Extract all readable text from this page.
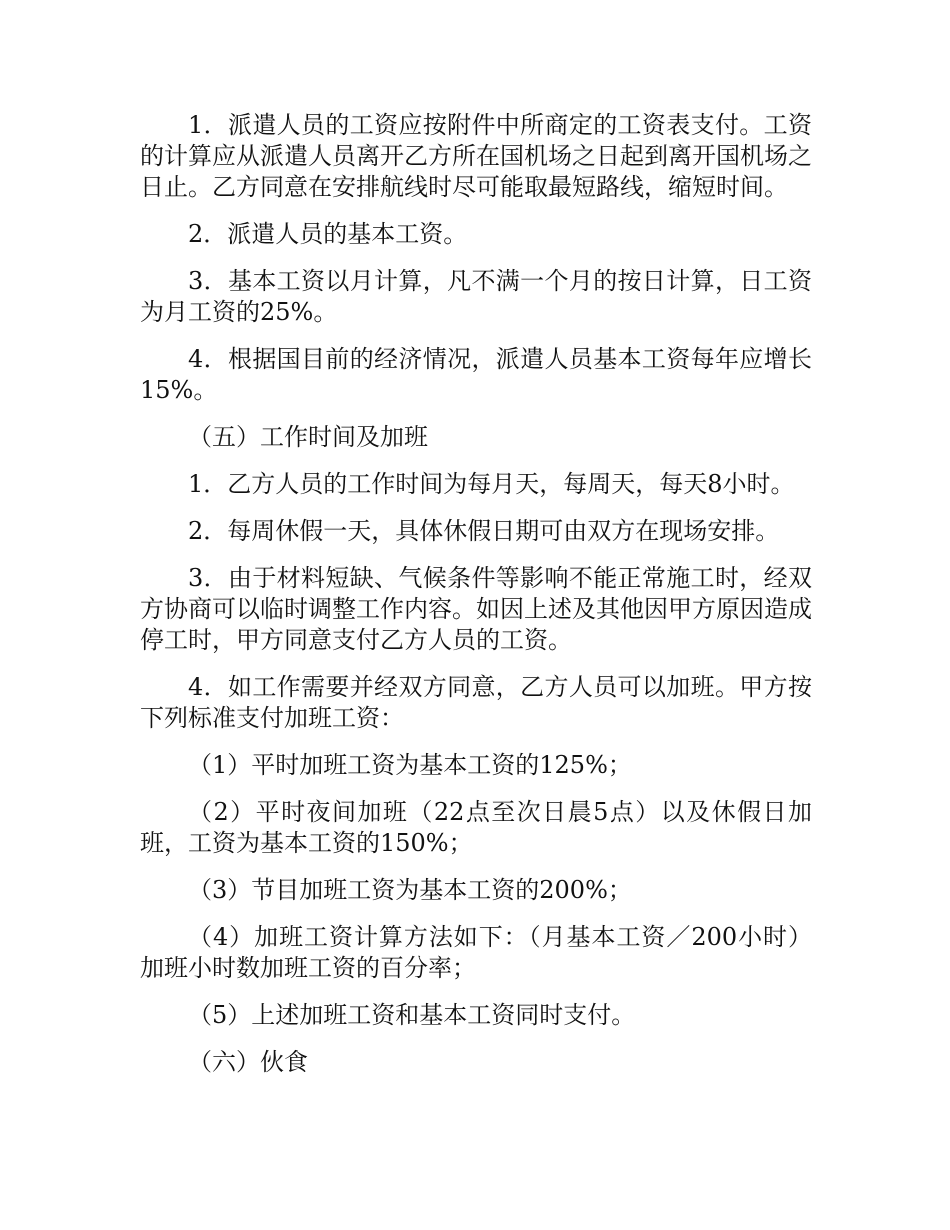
1．派遣人员的工资应按附件中所商定的工资表支付。工资的计算应从派遣人员离开乙方所在国机场之日起到离开国机场之日止。乙方同意在安排航线时尽可能取最短路线，缩短时间。

2．派遣人员的基本工资。

3．基本工资以月计算，凡不满一个月的按日计算，日工资为月工资的25%。

4．根据国目前的经济情况，派遣人员基本工资每年应增长15%。

（五）工作时间及加班

1．乙方人员的工作时间为每月天，每周天，每天8小时。

2．每周休假一天，具体休假日期可由双方在现场安排。

3．由于材料短缺、气候条件等影响不能正常施工时，经双方协商可以临时调整工作内容。如因上述及其他因甲方原因造成停工时，甲方同意支付乙方人员的工资。

4．如工作需要并经双方同意，乙方人员可以加班。甲方按下列标准支付加班工资：

（1）平时加班工资为基本工资的125%；

（2）平时夜间加班（22点至次日晨5点）以及休假日加班，工资为基本工资的150%；

（3）节目加班工资为基本工资的200%；

（4）加班工资计算方法如下：（月基本工资／200小时）加班小时数加班工资的百分率；

（5）上述加班工资和基本工资同时支付。

（六）伙食
